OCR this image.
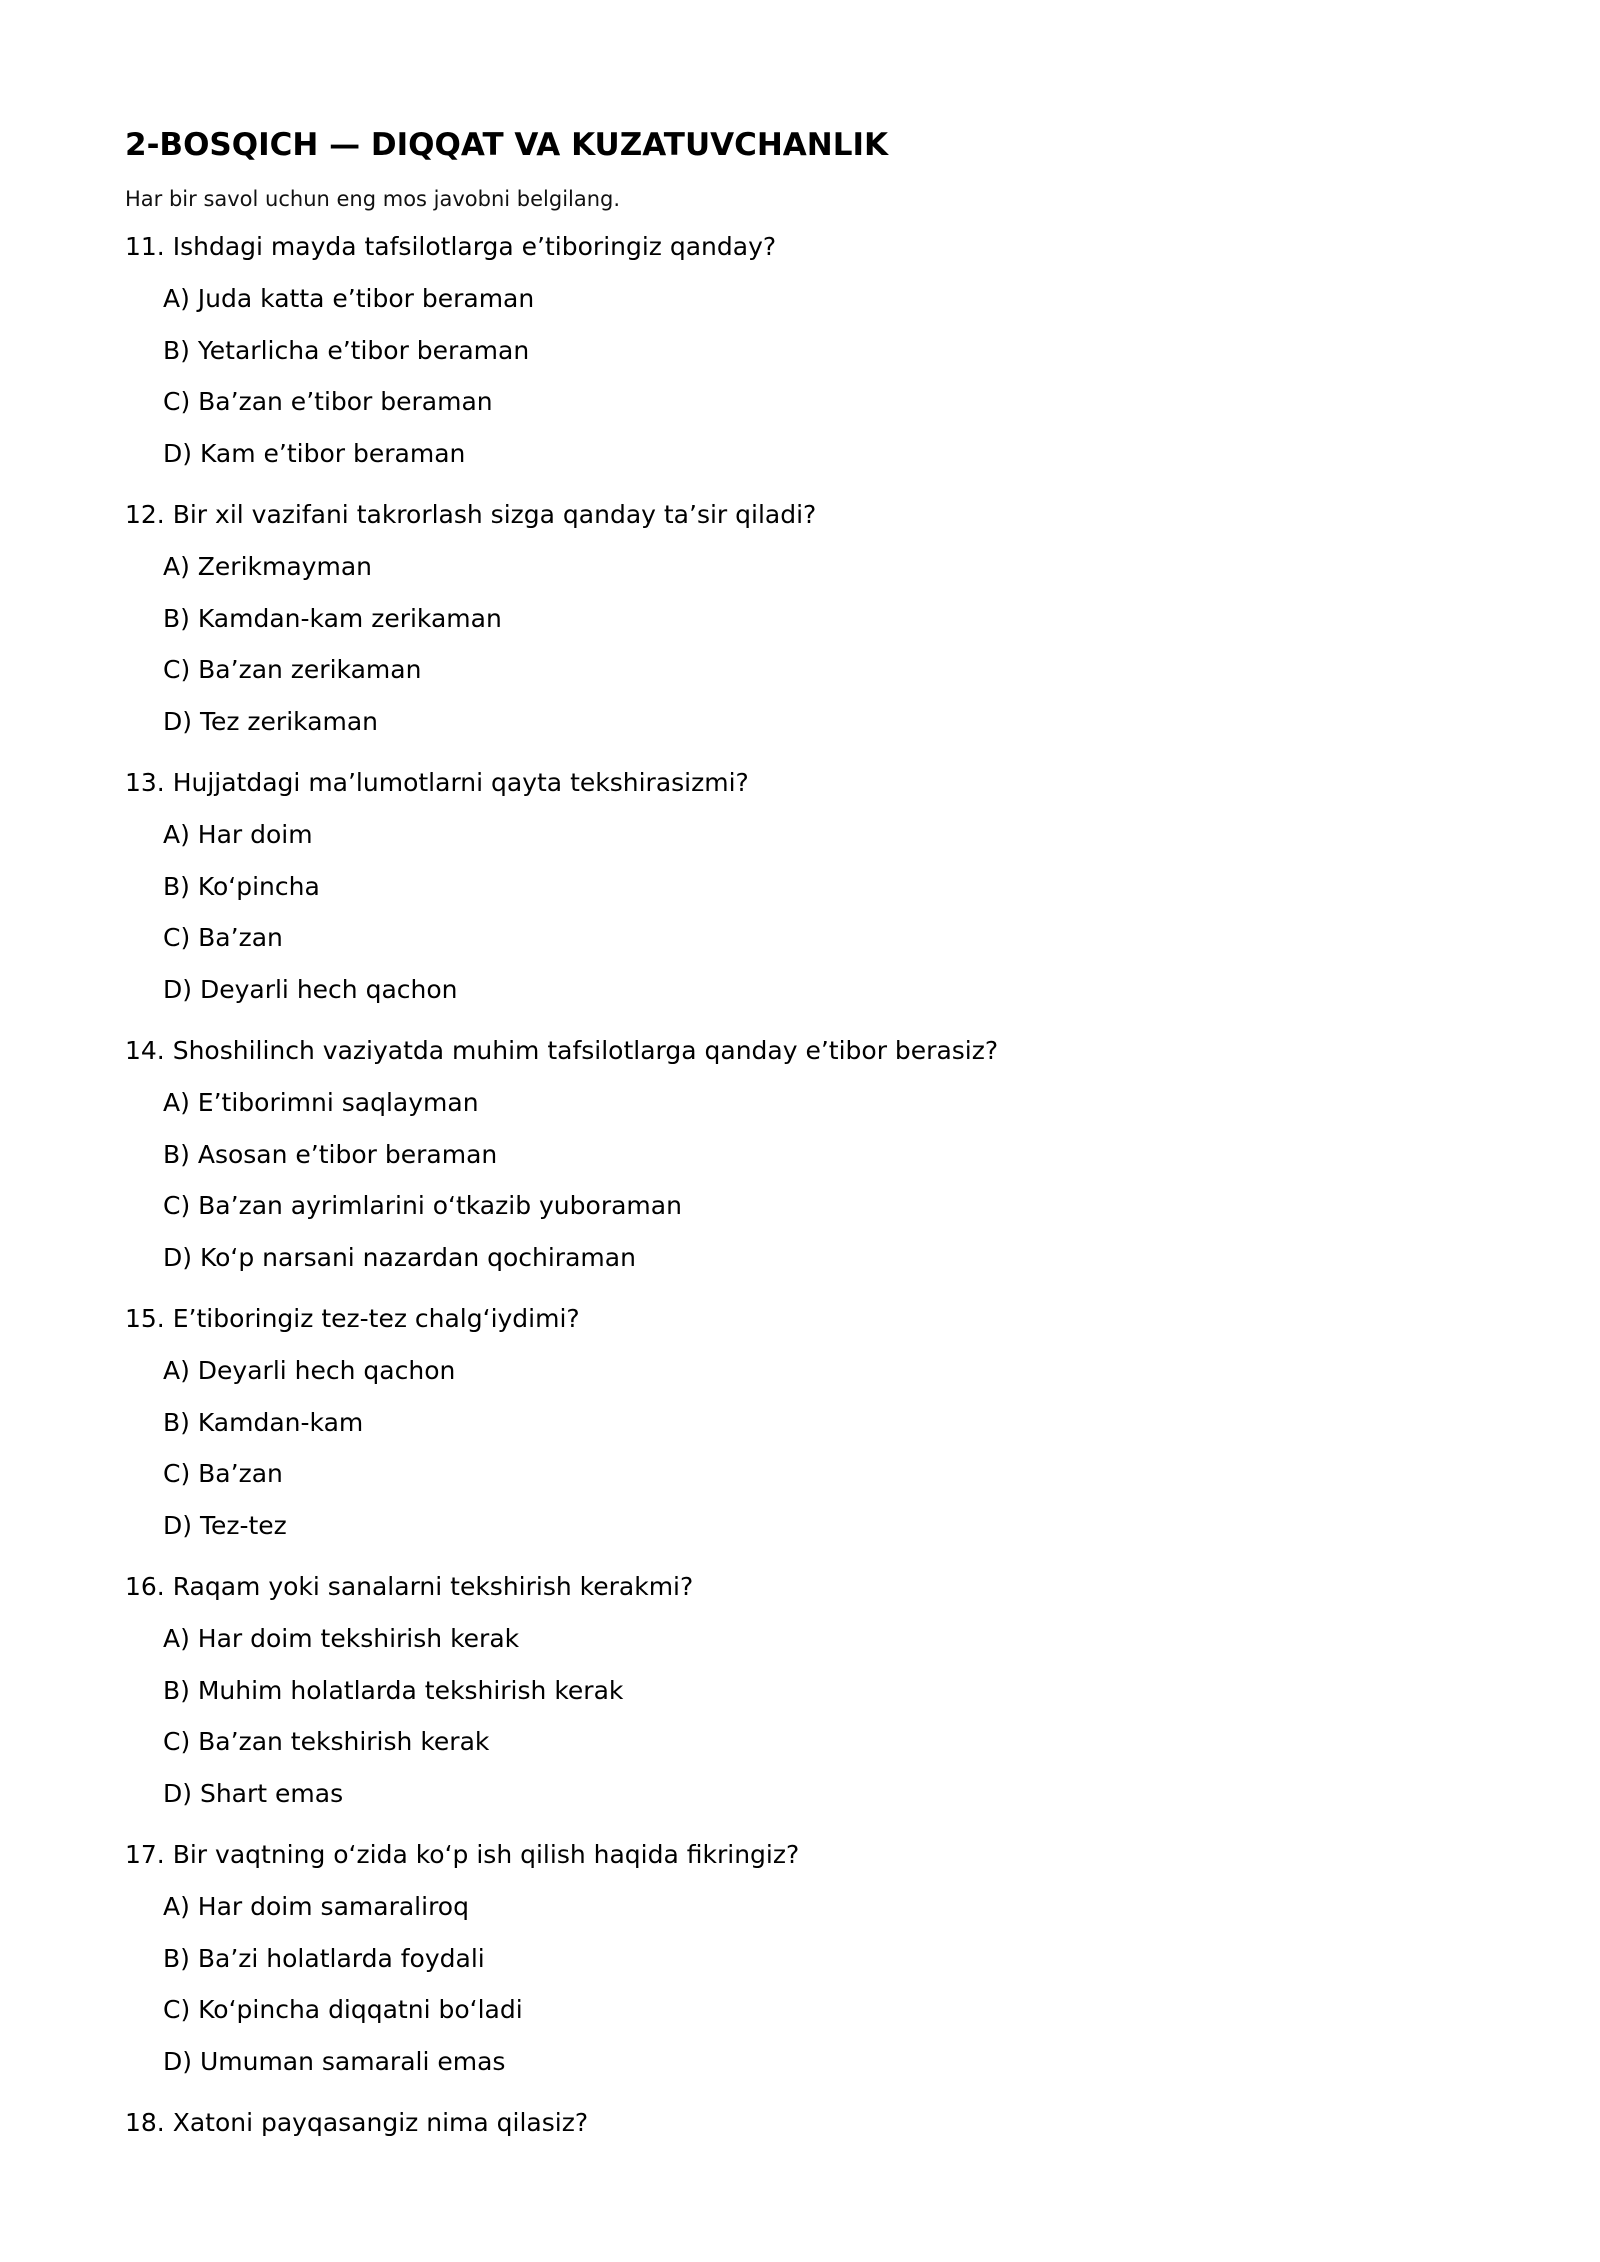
2-BOSQICH — DIQQAT VA KUZATUVCHANLIK
Har bir savol uchun eng mos javobni belgilang.
11. Ishdagi mayda tafsilotlarga e’tiboringiz qanday?
A) Juda katta e’tibor beraman
B) Yetarlicha e’tibor beraman
C) Ba’zan e’tibor beraman
D) Kam e’tibor beraman
12. Bir xil vazifani takrorlash sizga qanday ta’sir qiladi?
A) Zerikmayman
B) Kamdan-kam zerikaman
C) Ba’zan zerikaman
D) Tez zerikaman
13. Hujjatdagi ma’lumotlarni qayta tekshirasizmi?
A) Har doim
B) Ko‘pincha
C) Ba’zan
D) Deyarli hech qachon
14. Shoshilinch vaziyatda muhim tafsilotlarga qanday e’tibor berasiz?
A) E’tiborimni saqlayman
B) Asosan e’tibor beraman
C) Ba’zan ayrimlarini o‘tkazib yuboraman
D) Ko‘p narsani nazardan qochiraman
15. E’tiboringiz tez-tez chalg‘iydimi?
A) Deyarli hech qachon
B) Kamdan-kam
C) Ba’zan
D) Tez-tez
16. Raqam yoki sanalarni tekshirish kerakmi?
A) Har doim tekshirish kerak
B) Muhim holatlarda tekshirish kerak
C) Ba’zan tekshirish kerak
D) Shart emas
17. Bir vaqtning o‘zida ko‘p ish qilish haqida fikringiz?
A) Har doim samaraliroq
B) Ba’zi holatlarda foydali
C) Ko‘pincha diqqatni bo‘ladi
D) Umuman samarali emas
18. Xatoni payqasangiz nima qilasiz?
